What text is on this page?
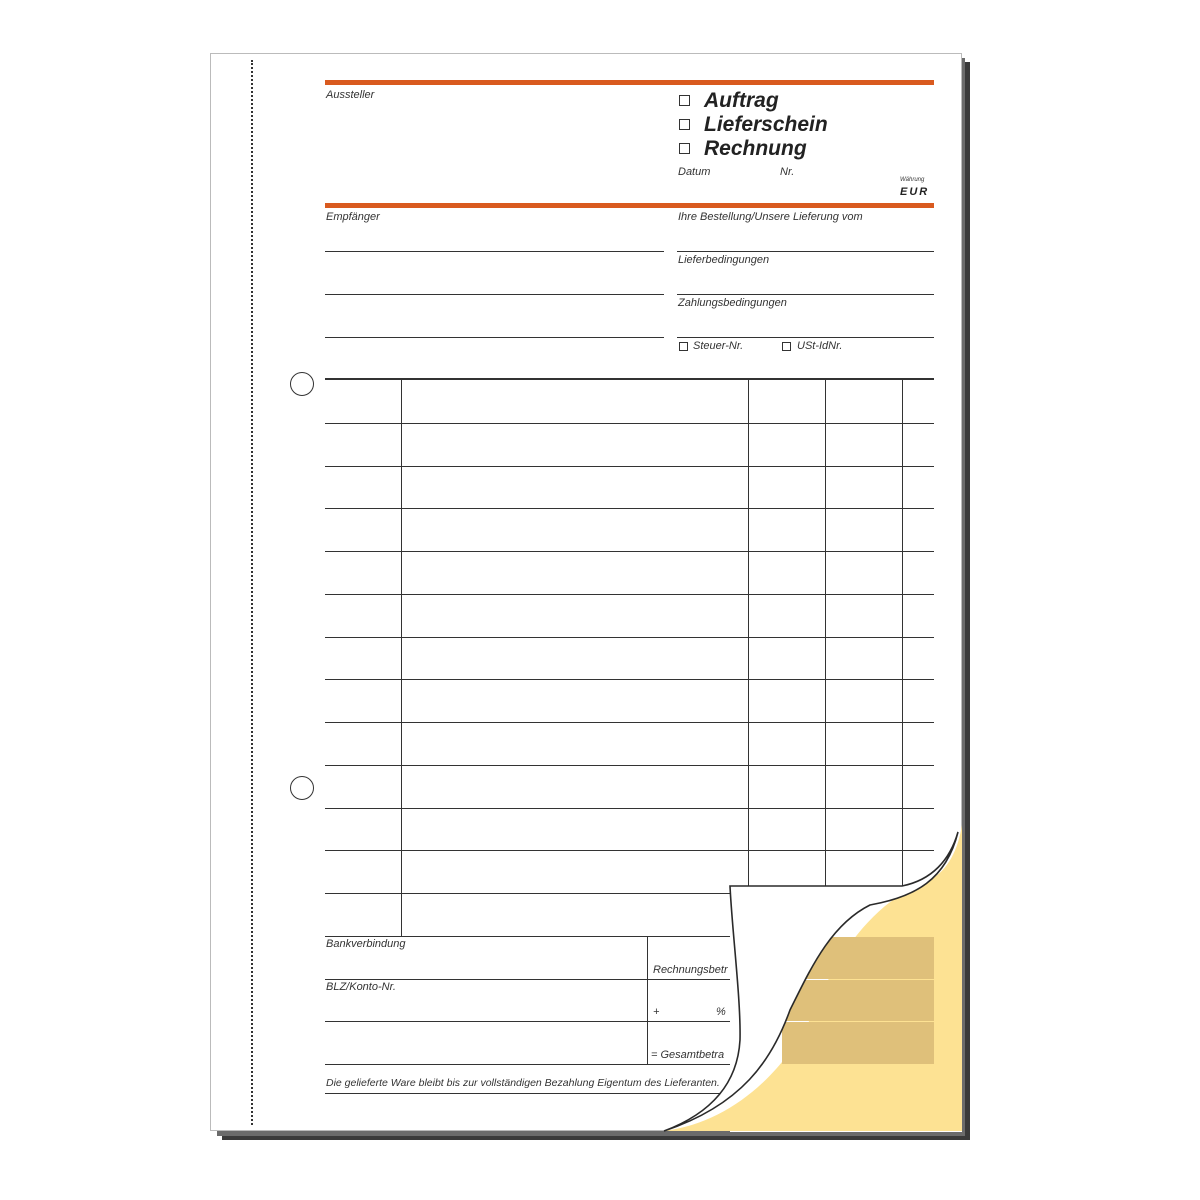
Aussteller	Auftrag
Lieferschein
Rechnung
Datum	Nr.
Währung
EUR
Empfänger	Ihre Bestellung/Unsere Lieferung vom
Lieferbedingungen
Zahlungsbedingungen
Steuer-Nr.	USt-IdNr.
Bankverbindung
BLZ/Konto-Nr.
Rechnungsbetr
+	%
= Gesamtbetra
Die gelieferte Ware bleibt bis zur vollständigen Bezahlung Eigentum des Lieferanten.
